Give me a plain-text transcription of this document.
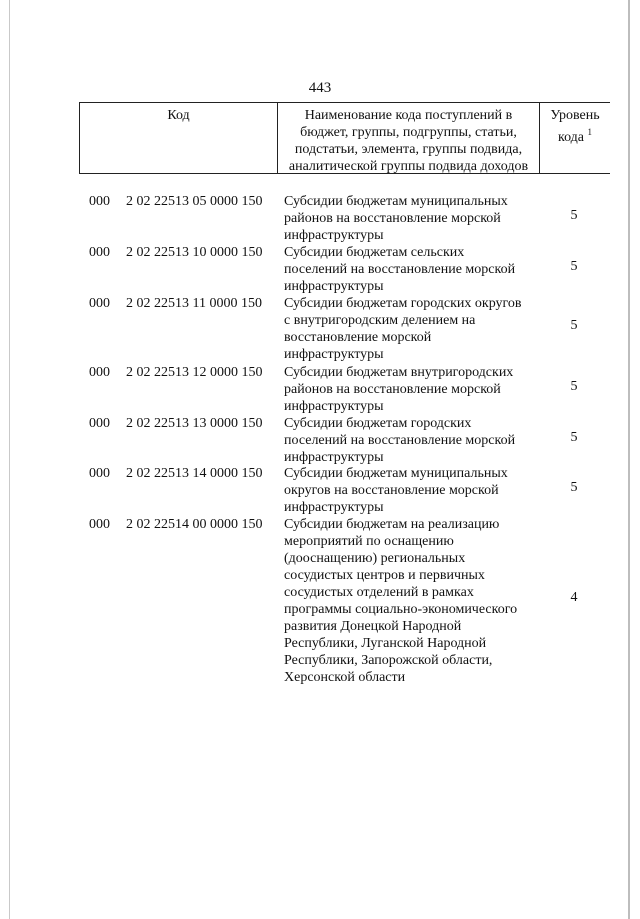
443
Код	Наименование кода поступлений в
бюджет, группы, подгруппы, статьи,
подстатьи, элемента, группы подвида,
аналитической группы подвида доходов
Уровень
кода $^1$
000 2 02 22513 05 0000 150 Субсидии бюджетам муниципальных
районов на восстановление морской
инфраструктуры
5
000 2 02 22513 10 0000 150 Субсидии бюджетам сельских
поселений на восстановление морской
инфраструктуры
5
000 2 02 22513 11 0000 150 Субсидии бюджетам городских округов
с внутригородским делением на
восстановление морской
инфраструктуры
5
000 2 02 22513 12 0000 150 Субсидии бюджетам внутригородских
районов на восстановление морской
инфраструктуры
5
000 2 02 22513 13 0000 150 Субсидии бюджетам городских
поселений на восстановление морской
инфраструктуры
5
000 2 02 22513 14 0000 150 Субсидии бюджетам муниципальных
округов на восстановление морской
инфраструктуры
5
000 2 02 22514 00 0000 150 Субсидии бюджетам на реализацию
мероприятий по оснащению
(дооснащению) региональных
сосудистых центров и первичных
сосудистых отделений в рамках
программы социально-экономического
развития Донецкой Народной
Республики, Луганской Народной
Республики, Запорожской области,
Херсонской области
4
